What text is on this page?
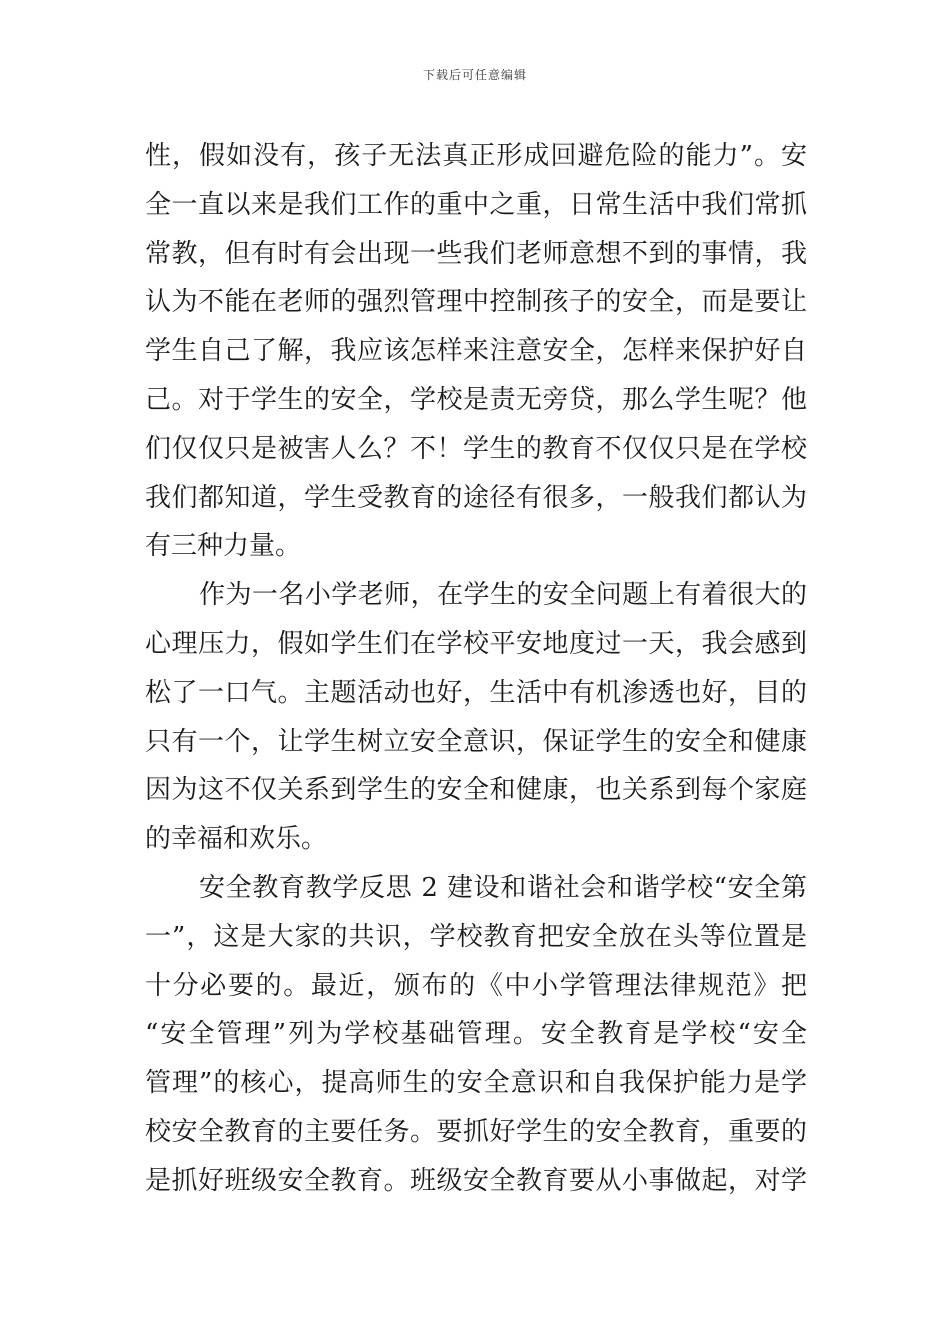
下载后可任意编辑
性，假如没有，孩子无法真正形成回避危险的能力”。安
全一直以来是我们工作的重中之重，日常生活中我们常抓
常教，但有时有会出现一些我们老师意想不到的事情，我
认为不能在老师的强烈管理中控制孩子的安全，而是要让
学生自己了解，我应该怎样来注意安全，怎样来保护好自
己。对于学生的安全，学校是责无旁贷，那么学生呢？他
们仅仅只是被害人么？不！学生的教育不仅仅只是在学校
我们都知道，学生受教育的途径有很多，一般我们都认为
有三种力量。
作为一名小学老师，在学生的安全问题上有着很大的
心理压力，假如学生们在学校平安地度过一天，我会感到
松了一口气。主题活动也好，生活中有机渗透也好，目的
只有一个，让学生树立安全意识，保证学生的安全和健康
因为这不仅关系到学生的安全和健康，也关系到每个家庭
的幸福和欢乐。
安全教育教学反思 2 建设和谐社会和谐学校“安全第
一”，这是大家的共识，学校教育把安全放在头等位置是
十分必要的。最近，颁布的《中小学管理法律规范》把
“安全管理”列为学校基础管理。安全教育是学校“安全
管理”的核心，提高师生的安全意识和自我保护能力是学
校安全教育的主要任务。要抓好学生的安全教育，重要的
是抓好班级安全教育。班级安全教育要从小事做起，对学
